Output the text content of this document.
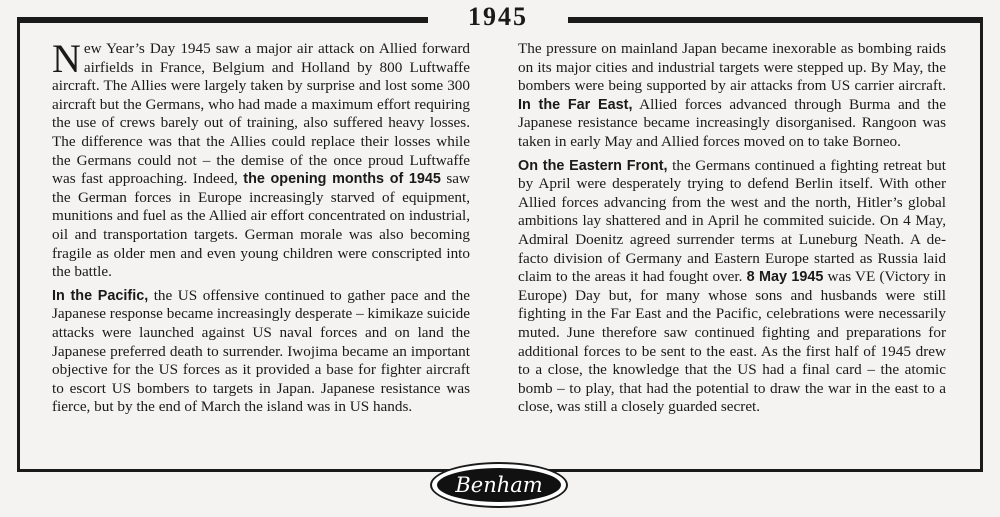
1945

New Year’s Day 1945 saw a major air attack on Allied forward airfields in France, Belgium and Holland by 800 Luftwaffe aircraft. The Allies were largely taken by surprise and lost some 300 aircraft but the Germans, who had made a maximum effort requiring the use of crews barely out of training, also suffered heavy losses. The difference was that the Allies could replace their losses while the Germans could not – the demise of the once proud Luftwaffe was fast approaching. Indeed, the opening months of 1945 saw the German forces in Europe increasingly starved of equipment, munitions and fuel as the Allied air effort concentrated on industrial, oil and transportation targets. German morale was also becoming fragile as older men and even young children were conscripted into the battle.

In the Pacific, the US offensive continued to gather pace and the Japanese response became increasingly desperate – kimikaze suicide attacks were launched against US naval forces and on land the Japanese preferred death to surrender. Iwojima became an important objective for the US forces as it provided a base for fighter aircraft to escort US bombers to targets in Japan. Japanese resistance was fierce, but by the end of March the island was in US hands.

The pressure on mainland Japan became inexorable as bombing raids on its major cities and industrial targets were stepped up. By May, the bombers were being supported by air attacks from US carrier aircraft. In the Far East, Allied forces advanced through Burma and the Japanese resistance became increasingly disorganised. Rangoon was taken in early May and Allied forces moved on to take Borneo.

On the Eastern Front, the Germans continued a fighting retreat but by April were desperately trying to defend Berlin itself. With other Allied forces advancing from the west and the north, Hitler’s global ambitions lay shattered and in April he commited suicide. On 4 May, Admiral Doenitz agreed surrender terms at Luneburg Neath. A de-facto division of Germany and Eastern Europe started as Russia laid claim to the areas it had fought over. 8 May 1945 was VE (Victory in Europe) Day but, for many whose sons and husbands were still fighting in the Far East and the Pacific, celebrations were necessarily muted. June therefore saw continued fighting and preparations for additional forces to be sent to the east. As the first half of 1945 drew to a close, the knowledge that the US had a final card – the atomic bomb – to play, that had the potential to draw the war in the east to a close, was still a closely guarded secret.

Benham
